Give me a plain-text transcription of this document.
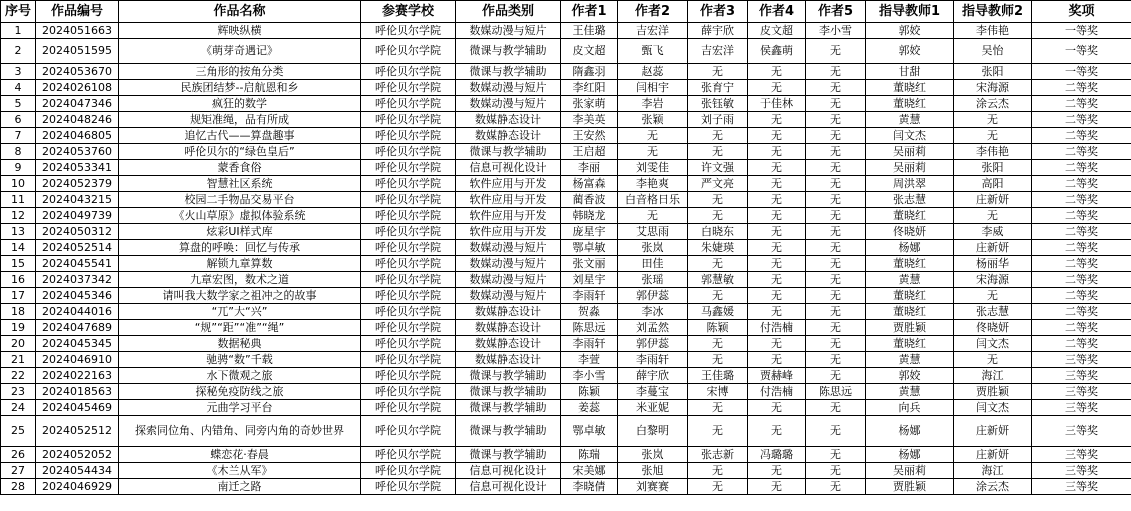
序号	作品编号	作品名称	参赛学校	作品类别	作者1	作者2	作者3	作者4	作者5	指导教师1	指导教师2	奖项
1	2024051663	辉映纵横	呼伦贝尔学院	数媒动漫与短片	王佳璐	吉宏洋	薛宇欣	皮文超	李小雪	郭姣	李伟艳	一等奖
2	2024051595	《萌芽奇遇记》	呼伦贝尔学院	微课与教学辅助	皮文超	甄飞	吉宏洋	侯鑫萌	无	郭姣	吴怡	一等奖
3	2024053670	三角形的按角分类	呼伦贝尔学院	微课与教学辅助	隋鑫羽	赵蕊	无	无	无	甘甜	张阳	一等奖
4	2024026108	民族团结梦--启航恩和乡	呼伦贝尔学院	数媒动漫与短片	李红阳	闫相宇	张育宁	无	无	董晓红	宋海源	二等奖
5	2024047346	疯狂的数学	呼伦贝尔学院	数媒动漫与短片	张家萌	李岩	张钰敏	于佳林	无	董晓红	涂云杰	二等奖
6	2024048246	规矩准绳，品有所成	呼伦贝尔学院	数媒静态设计	李美英	张颖	刘子雨	无	无	黄慧	无	二等奖
7	2024046805	追忆古代——算盘趣事	呼伦贝尔学院	数媒静态设计	王安然	无	无	无	无	闫文杰	无	二等奖
8	2024053760	呼伦贝尔的“绿色皇后”	呼伦贝尔学院	微课与教学辅助	王启超	无	无	无	无	吴丽莉	李伟艳	二等奖
9	2024053341	蒙香食俗	呼伦贝尔学院	信息可视化设计	李丽	刘雯佳	许文强	无	无	吴丽莉	张阳	二等奖
10	2024052379	智慧社区系统	呼伦贝尔学院	软件应用与开发	杨富森	李艳爽	严文亮	无	无	周洪翠	高阳	二等奖
11	2024043215	校园二手物品交易平台	呼伦贝尔学院	软件应用与开发	蔺香波	白音格日乐	无	无	无	张志慧	庄新妍	二等奖
12	2024049739	《火山草原》虚拟体验系统	呼伦贝尔学院	软件应用与开发	韩晓龙	无	无	无	无	董晓红	无	二等奖
13	2024050312	炫彩UI样式库	呼伦贝尔学院	软件应用与开发	庞星宇	艾思雨	白晓东	无	无	佟晓妍	李威	二等奖
14	2024052514	算盘的呼唤：回忆与传承	呼伦贝尔学院	数媒动漫与短片	鄂卓敏	张岚	朱婕瑛	无	无	杨娜	庄新妍	二等奖
15	2024045541	解锁九章算数	呼伦贝尔学院	数媒动漫与短片	张文丽	田佳	无	无	无	董晓红	杨丽华	二等奖
16	2024037342	九章宏图，数术之道	呼伦贝尔学院	数媒动漫与短片	刘星宇	张瑶	郭慧敏	无	无	黄慧	宋海源	二等奖
17	2024045346	请叫我大数学家之祖冲之的故事	呼伦贝尔学院	数媒动漫与短片	李雨轩	郭伊蕊	无	无	无	董晓红	无	二等奖
18	2024044016	“兀”大“兴”	呼伦贝尔学院	数媒静态设计	贺淼	李冰	马鑫媛	无	无	董晓红	张志慧	二等奖
19	2024047689	“规”“距”“准”“绳”	呼伦贝尔学院	数媒静态设计	陈思远	刘孟然	陈颖	付浩楠	无	贾胜颖	佟晓妍	二等奖
20	2024045345	数据秘典	呼伦贝尔学院	数媒静态设计	李雨轩	郭伊蕊	无	无	无	董晓红	闫文杰	二等奖
21	2024046910	驰骋“数”千载	呼伦贝尔学院	数媒静态设计	李萱	李雨轩	无	无	无	黄慧	无	三等奖
22	2024022163	水下微观之旅	呼伦贝尔学院	微课与教学辅助	李小雪	薛宇欣	王佳璐	贾赫峰	无	郭姣	海江	三等奖
23	2024018563	探秘免疫防线之旅	呼伦贝尔学院	微课与教学辅助	陈颖	李蔓宝	宋博	付浩楠	陈思远	黄慧	贾胜颖	三等奖
24	2024045469	元曲学习平台	呼伦贝尔学院	微课与教学辅助	姜蕊	米亚妮	无	无	无	向兵	闫文杰	三等奖
25	2024052512	探索同位角、内错角、同旁内角的奇妙世界	呼伦贝尔学院	微课与教学辅助	鄂卓敏	白黎明	无	无	无	杨娜	庄新妍	三等奖
26	2024052052	蝶恋花·春晨	呼伦贝尔学院	微课与教学辅助	陈瑞	张岚	张志新	冯璐璐	无	杨娜	庄新妍	三等奖
27	2024054434	《木兰从军》	呼伦贝尔学院	信息可视化设计	宋美娜	张旭	无	无	无	吴丽莉	海江	三等奖
28	2024046929	南迁之路	呼伦贝尔学院	信息可视化设计	李晓倩	刘赛赛	无	无	无	贾胜颖	涂云杰	三等奖
